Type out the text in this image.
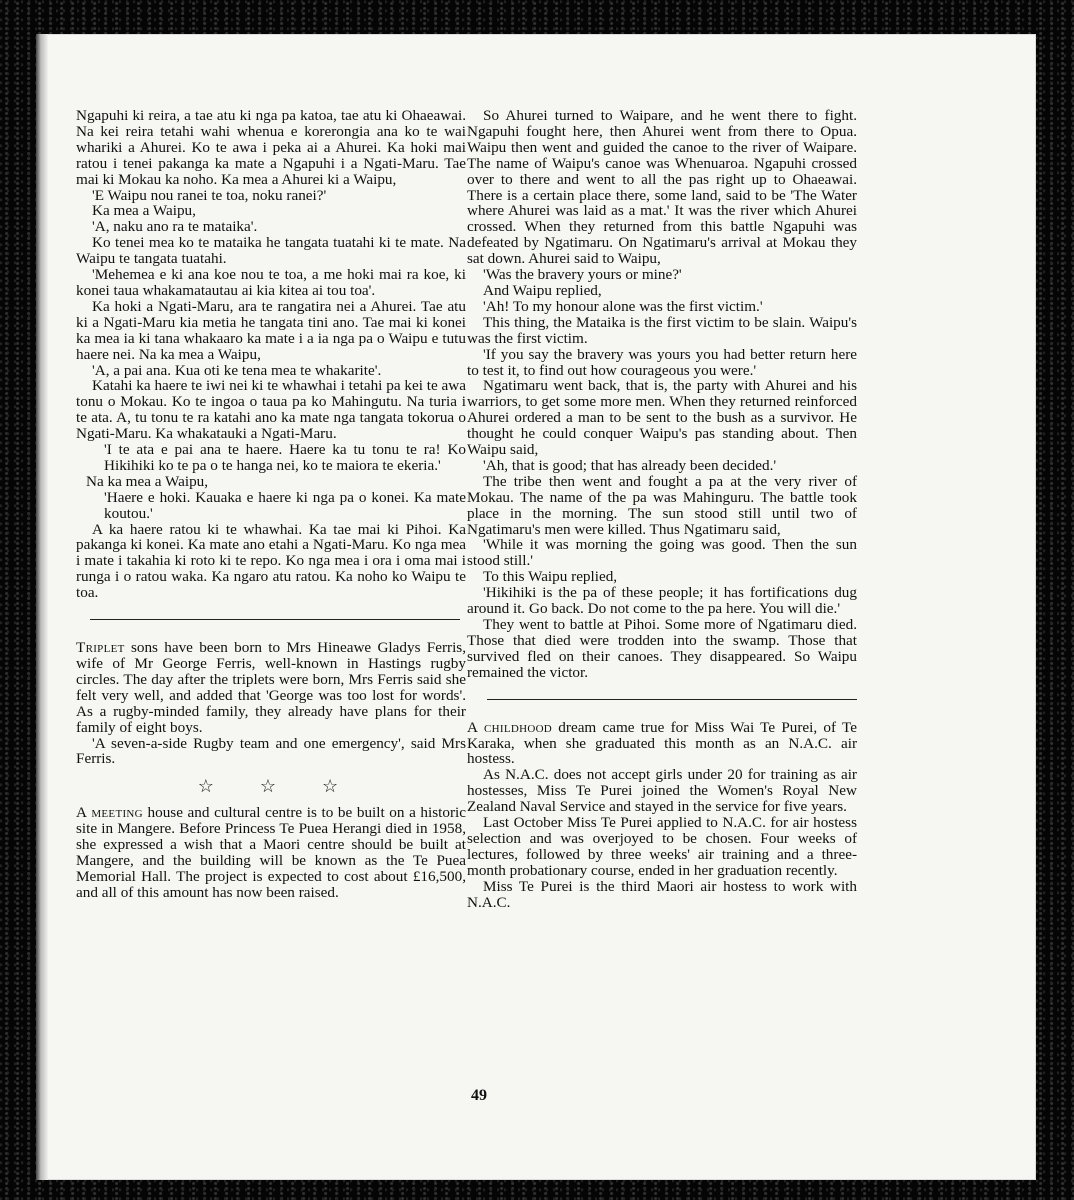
Ngapuhi ki reira, a tae atu ki nga pa katoa, tae atu ki Ohaeawai. Na kei reira tetahi wahi whenua e korerongia ana ko te wai whariki a Ahurei. Ko te awa i peka ai a Ahurei. Ka hoki mai ratou i tenei pakanga ka mate a Ngapuhi i a Ngati-Maru. Tae mai ki Mokau ka noho. Ka mea a Ahurei ki a Waipu,

'E Waipu nou ranei te toa, noku ranei?'

Ka mea a Waipu,

'A, naku ano ra te mataika'.

Ko tenei mea ko te mataika he tangata tuatahi ki te mate. Na Waipu te tangata tuatahi.

'Mehemea e ki ana koe nou te toa, a me hoki mai ra koe, ki konei taua whakamatautau ai kia kitea ai tou toa'.

Ka hoki a Ngati-Maru, ara te rangatira nei a Ahurei. Tae atu ki a Ngati-Maru kia metia he tangata tini ano. Tae mai ki konei ka mea ia ki tana whakaaro ka mate i a ia nga pa o Waipu e tutu haere nei. Na ka mea a Waipu,

'A, a pai ana. Kua oti ke tena mea te whakarite'.

Katahi ka haere te iwi nei ki te whawhai i tetahi pa kei te awa tonu o Mokau. Ko te ingoa o taua pa ko Mahingutu. Na turia i te ata. A, tu tonu te ra katahi ano ka mate nga tangata tokorua o Ngati-Maru. Ka whakatauki a Ngati-Maru.

'I te ata e pai ana te haere. Haere ka tu tonu te ra! Ko Hikihiki ko te pa o te hanga nei, ko te maiora te ekeria.'

Na ka mea a Waipu,

'Haere e hoki. Kauaka e haere ki nga pa o konei. Ka mate koutou.'

A ka haere ratou ki te whawhai. Ka tae mai ki Pihoi. Ka pakanga ki konei. Ka mate ano etahi a Ngati-Maru. Ko nga mea i mate i takahia ki roto ki te repo. Ko nga mea i ora i oma mai i runga i o ratou waka. Ka ngaro atu ratou. Ka noho ko Waipu te toa.

Triplet sons have been born to Mrs Hineawe Gladys Ferris, wife of Mr George Ferris, well-known in Hastings rugby circles. The day after the triplets were born, Mrs Ferris said she felt very well, and added that 'George was too lost for words'. As a rugby-minded family, they already have plans for their family of eight boys.

'A seven-a-side Rugby team and one emergency', said Mrs Ferris.

☆☆☆

A meeting house and cultural centre is to be built on a historic site in Mangere. Before Princess Te Puea Herangi died in 1958, she expressed a wish that a Maori centre should be built at Mangere, and the building will be known as the Te Puea Memorial Hall. The project is expected to cost about £16,500, and all of this amount has now been raised.

So Ahurei turned to Waipare, and he went there to fight. Ngapuhi fought here, then Ahurei went from there to Opua. Waipu then went and guided the canoe to the river of Waipare. The name of Waipu's canoe was Whenuaroa. Ngapuhi crossed over to there and went to all the pas right up to Ohaeawai. There is a certain place there, some land, said to be 'The Water where Ahurei was laid as a mat.' It was the river which Ahurei crossed. When they returned from this battle Ngapuhi was defeated by Ngatimaru. On Ngatimaru's arrival at Mokau they sat down. Ahurei said to Waipu,

'Was the bravery yours or mine?'

And Waipu replied,

'Ah! To my honour alone was the first victim.'

This thing, the Mataika is the first victim to be slain. Waipu's was the first victim.

'If you say the bravery was yours you had better return here to test it, to find out how courageous you were.'

Ngatimaru went back, that is, the party with Ahurei and his warriors, to get some more men. When they returned reinforced Ahurei ordered a man to be sent to the bush as a survivor. He thought he could conquer Waipu's pas standing about. Then Waipu said,

'Ah, that is good; that has already been decided.'

The tribe then went and fought a pa at the very river of Mokau. The name of the pa was Mahinguru. The battle took place in the morning. The sun stood still until two of Ngatimaru's men were killed. Thus Ngatimaru said,

'While it was morning the going was good. Then the sun stood still.'

To this Waipu replied,

'Hikihiki is the pa of these people; it has fortifications dug around it. Go back. Do not come to the pa here. You will die.'

They went to battle at Pihoi. Some more of Ngatimaru died. Those that died were trodden into the swamp. Those that survived fled on their canoes. They disappeared. So Waipu remained the victor.

A childhood dream came true for Miss Wai Te Purei, of Te Karaka, when she graduated this month as an N.A.C. air hostess.

As N.A.C. does not accept girls under 20 for training as air hostesses, Miss Te Purei joined the Women's Royal New Zealand Naval Service and stayed in the service for five years.

Last October Miss Te Purei applied to N.A.C. for air hostess selection and was overjoyed to be chosen. Four weeks of lectures, followed by three weeks' air training and a three-month probationary course, ended in her graduation recently.

Miss Te Purei is the third Maori air hostess to work with N.A.C.

49
